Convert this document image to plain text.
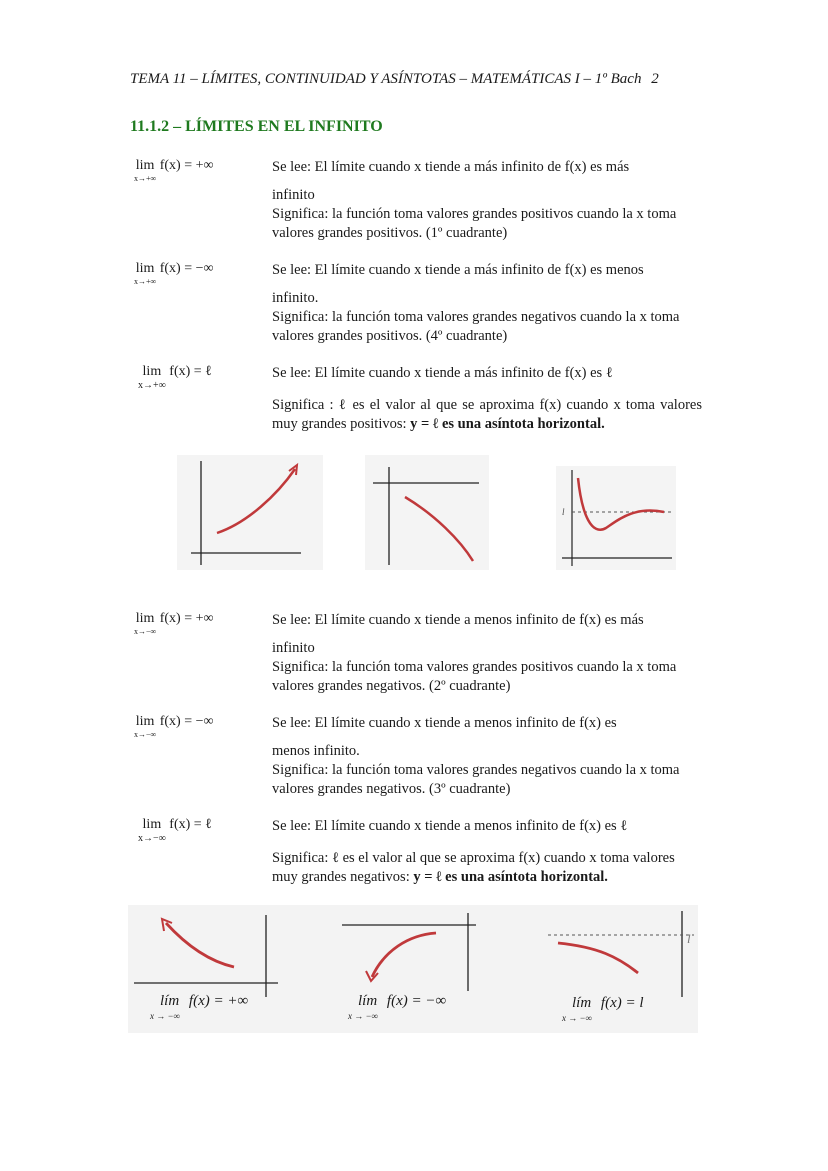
TEMA 11 – LÍMITES, CONTINUIDAD Y ASÍNTOTAS – MATEMÁTICAS I – 1º Bach 2
11.1.2 – LÍMITES EN EL INFINITO
lim
x→+∞
f(x) = +∞	Se lee: El límite cuando x tiende a más infinito de f(x) es más

infinito

Significa: la función toma valores grandes positivos cuando la x toma valores grandes positivos. (1º cuadrante)

lim
x→+∞
f(x) = −∞	Se lee: El límite cuando x tiende a más infinito de f(x) es menos

infinito.

Significa: la función toma valores grandes negativos cuando la x toma valores grandes positivos. (4º cuadrante)

lim
x→+∞
f(x) = ℓ	Se lee: El límite cuando x tiende a más infinito de f(x) es ℓ

Significa : ℓ es el valor al que se aproxima f(x) cuando x toma valores muy grandes positivos: y = ℓ es una asíntota horizontal.

l
lim
x→−∞
f(x) = +∞	Se lee: El límite cuando x tiende a menos infinito de f(x) es más

infinito

Significa: la función toma valores grandes positivos cuando la x toma valores grandes negativos. (2º cuadrante)

lim
x→−∞
f(x) = −∞	Se lee: El límite cuando x tiende a menos infinito de f(x) es

menos infinito.

Significa: la función toma valores grandes negativos cuando la x toma valores grandes negativos. (3º cuadrante)

lim
x→−∞
f(x) = ℓ	Se lee: El límite cuando x tiende a menos infinito de f(x) es ℓ

Significa: ℓ es el valor al que se aproxima f(x) cuando x toma valores muy grandes negativos: y = ℓ es una asíntota horizontal.

l
lím f(x) = +∞
x → −∞
lím f(x) = −∞
x → −∞
lím f(x) = l
x → −∞
